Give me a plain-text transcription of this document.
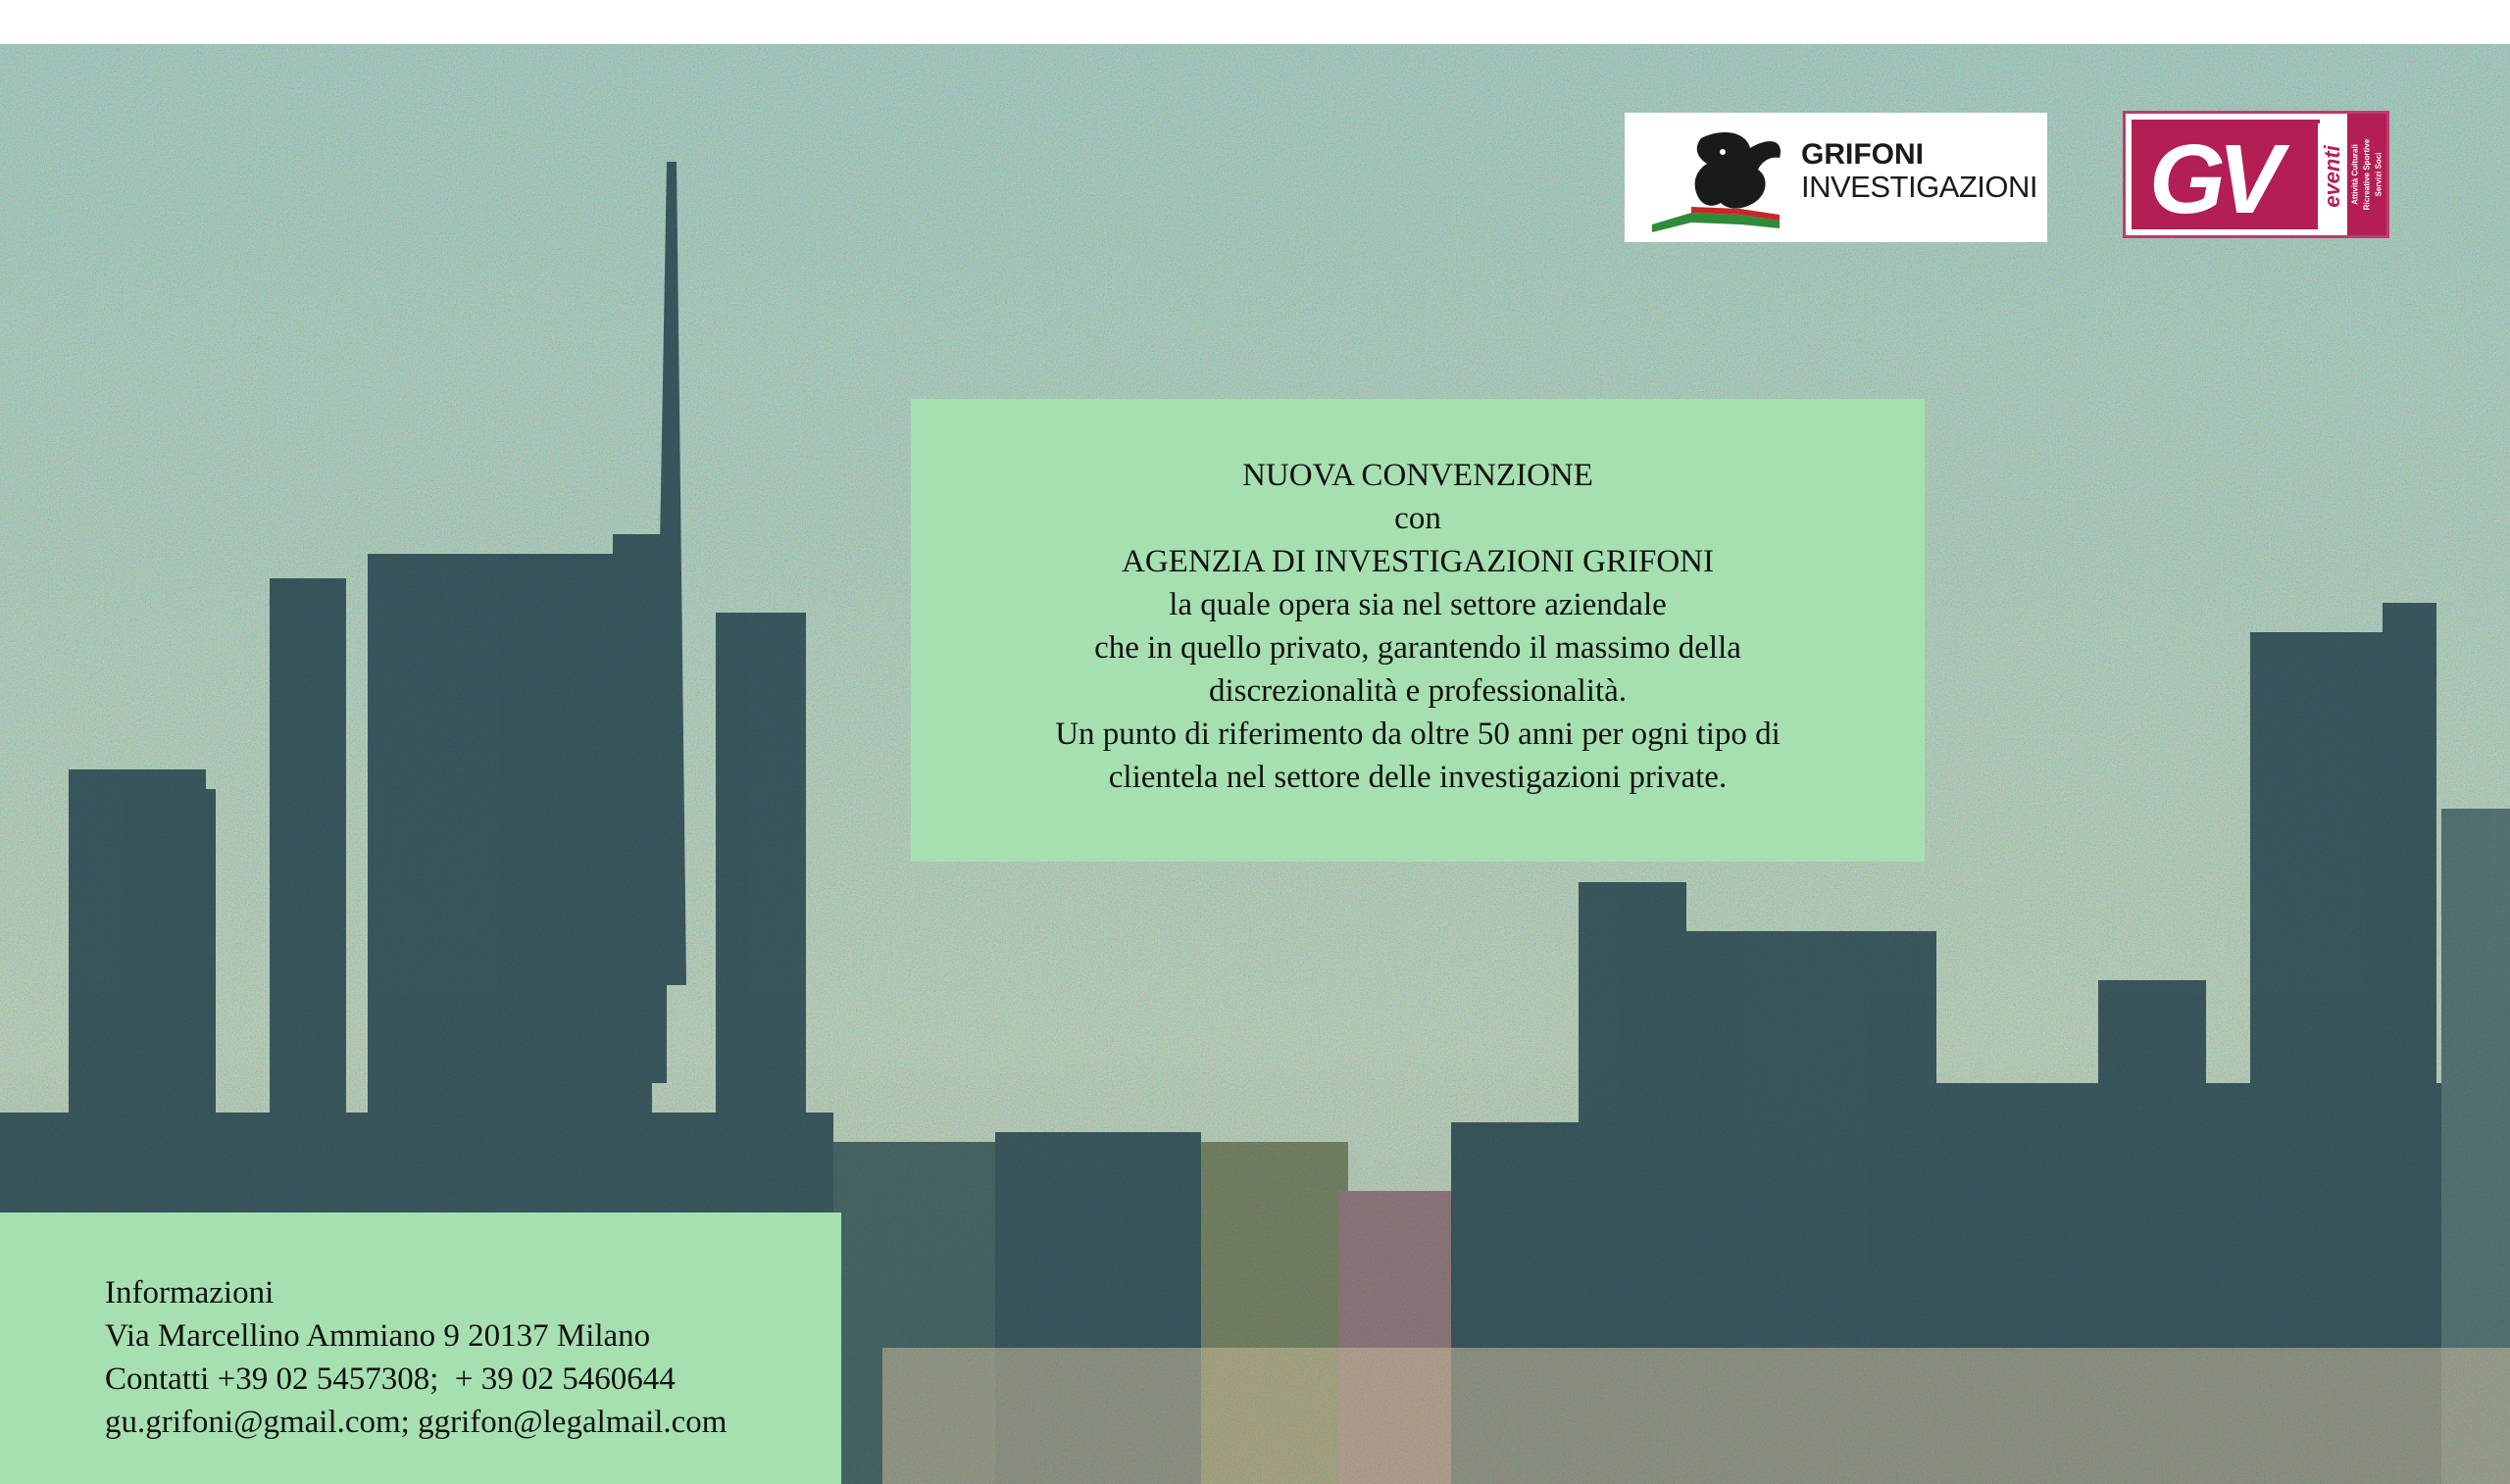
GRIFONI
INVESTIGAZIONI GV eventi Attività Culturali Ricreative Sportive Servizi Soci
NUOVA CONVENZIONE
con
AGENZIA DI INVESTIGAZIONI GRIFONI
la quale opera sia nel settore aziendale
che in quello privato, garantendo il massimo della
discrezionalità e professionalità.
Un punto di riferimento da oltre 50 anni per ogni tipo di
clientela nel settore delle investigazioni private.
Informazioni
Via Marcellino Ammiano 9 20137 Milano
Contatti +39 02 5457308;  + 39 02 5460644
gu.grifoni@gmail.com; ggrifon@legalmail.com
